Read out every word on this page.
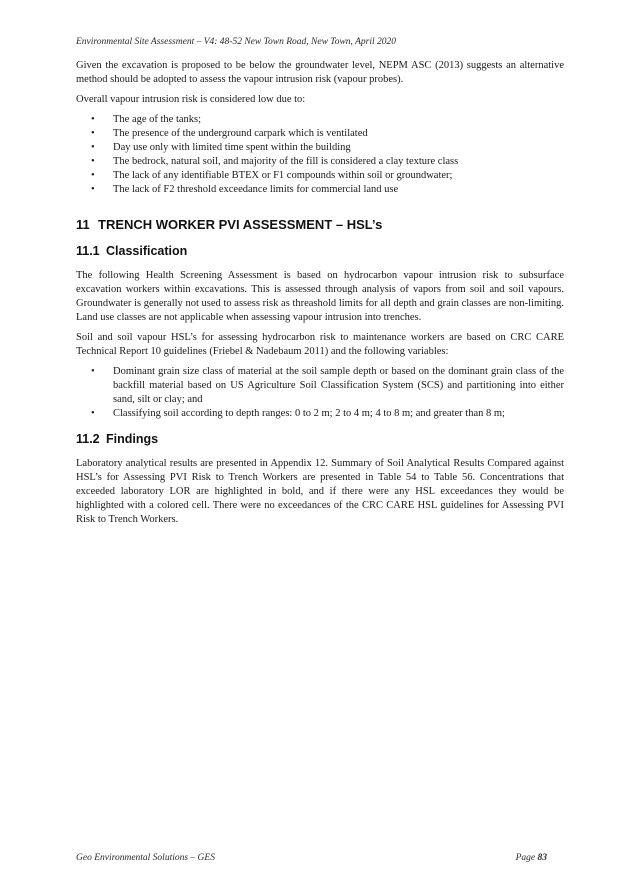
Environmental Site Assessment – V4: 48-52 New Town Road, New Town, April 2020

Given the excavation is proposed to be below the groundwater level, NEPM ASC (2013) suggests an alternative method should be adopted to assess the vapour intrusion risk (vapour probes).

Overall vapour intrusion risk is considered low due to:

• The age of the tanks;
• The presence of the underground carpark which is ventilated
• Day use only with limited time spent within the building
• The bedrock, natural soil, and majority of the fill is considered a clay texture class
• The lack of any identifiable BTEX or F1 compounds within soil or groundwater;
• The lack of F2 threshold exceedance limits for commercial land use
11 TRENCH WORKER PVI ASSESSMENT – HSL’s
11.1 Classification

The following Health Screening Assessment is based on hydrocarbon vapour intrusion risk to subsurface excavation workers within excavations. This is assessed through analysis of vapors from soil and soil vapours. Groundwater is generally not used to assess risk as threashold limits for all depth and grain classes are non-limiting. Land use classes are not applicable when assessing vapour intrusion into trenches.

Soil and soil vapour HSL’s for assessing hydrocarbon risk to maintenance workers are based on CRC CARE Technical Report 10 guidelines (Friebel & Nadebaum 2011) and the following variables:

• Dominant grain size class of material at the soil sample depth or based on the dominant grain class of the backfill material based on US Agriculture Soil Classification System (SCS) and partitioning into either sand, silt or clay; and
• Classifying soil according to depth ranges: 0 to 2 m; 2 to 4 m; 4 to 8 m; and greater than 8 m;
11.2 Findings

Laboratory analytical results are presented in Appendix 12. Summary of Soil Analytical Results Compared against HSL’s for Assessing PVI Risk to Trench Workers are presented in Table 54 to Table 56. Concentrations that exceeded laboratory LOR are highlighted in bold, and if there were any HSL exceedances they would be highlighted with a colored cell. There were no exceedances of the CRC CARE HSL guidelines for Assessing PVI Risk to Trench Workers.

Geo Environmental Solutions – GES	Page 83
